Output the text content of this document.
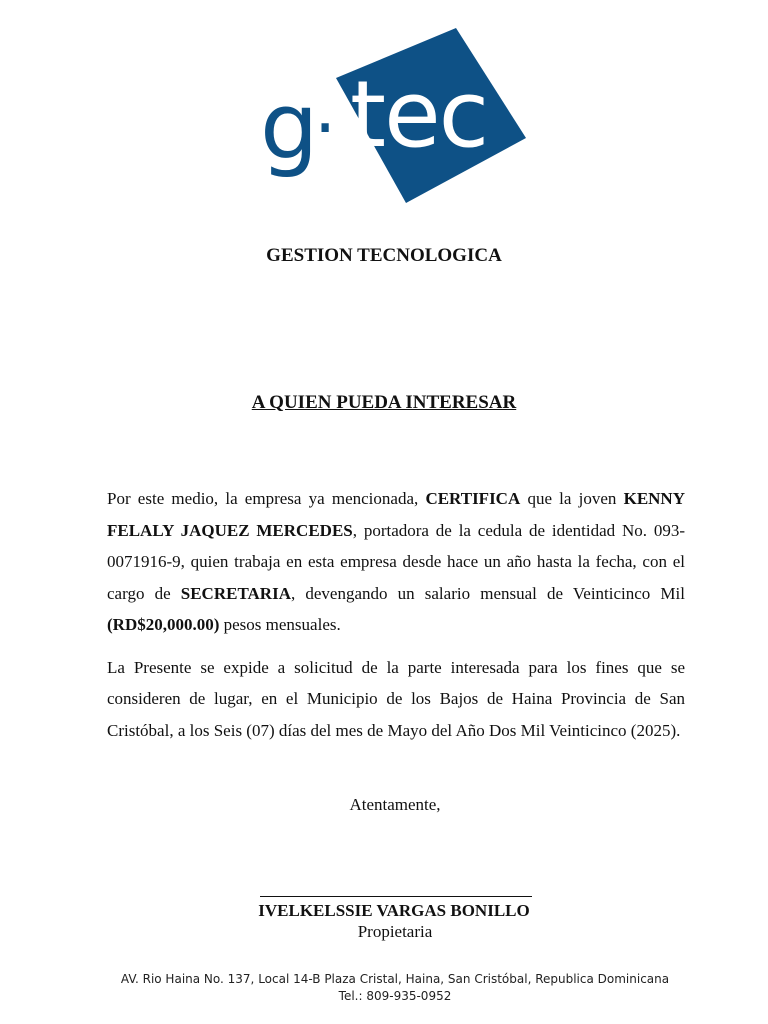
g
· tec
GESTION TECNOLOGICA
A QUIEN PUEDA INTERESAR

Por este medio, la empresa ya mencionada, CERTIFICA que la joven KENNY FELALY JAQUEZ MERCEDES, portadora de la cedula de identidad No. 093-0071916-9, quien trabaja en esta empresa desde hace un año hasta la fecha, con el cargo de SECRETARIA, devengando un salario mensual de Veinticinco Mil (RD$20,000.00) pesos mensuales.

La Presente se expide a solicitud de la parte interesada para los fines que se consideren de lugar, en el Municipio de los Bajos de Haina Provincia de San Cristóbal, a los Seis (07) días del mes de Mayo del Año Dos Mil Veinticinco (2025).

Atentamente,
IVELKELSSIE VARGAS BONILLO
Propietaria
AV. Rio Haina No. 137, Local 14-B Plaza Cristal, Haina, San Cristóbal, Republica Dominicana
Tel.: 809-935-0952
